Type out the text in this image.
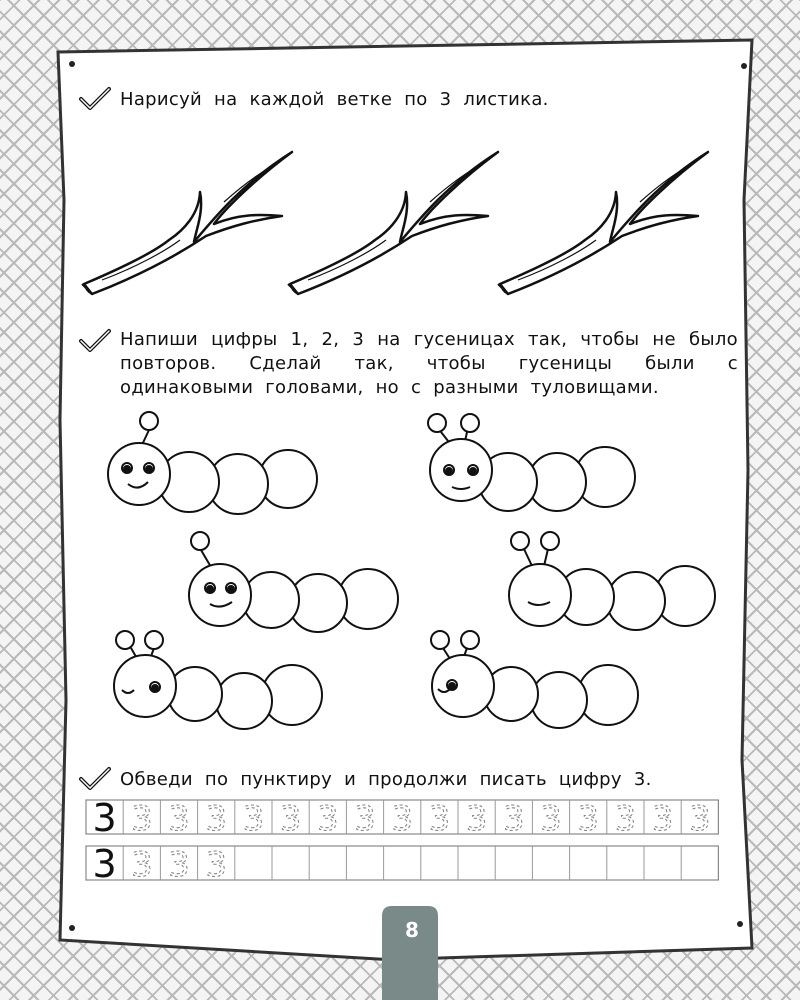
Нарисуй на каждой ветке по 3 листика.
Напиши цифры 1, 2, 3 на гусеницах так, чтобы не было повторов. Сделай так, чтобы гусеницы были с одинаковыми головами, но с разными туловищами.
Обведи по пунктиру и продолжи писать цифру 3.
3 3 3 3 3 3 3 3 3 3 3 3 3 3 3 3 3
3 3 3 3
8
